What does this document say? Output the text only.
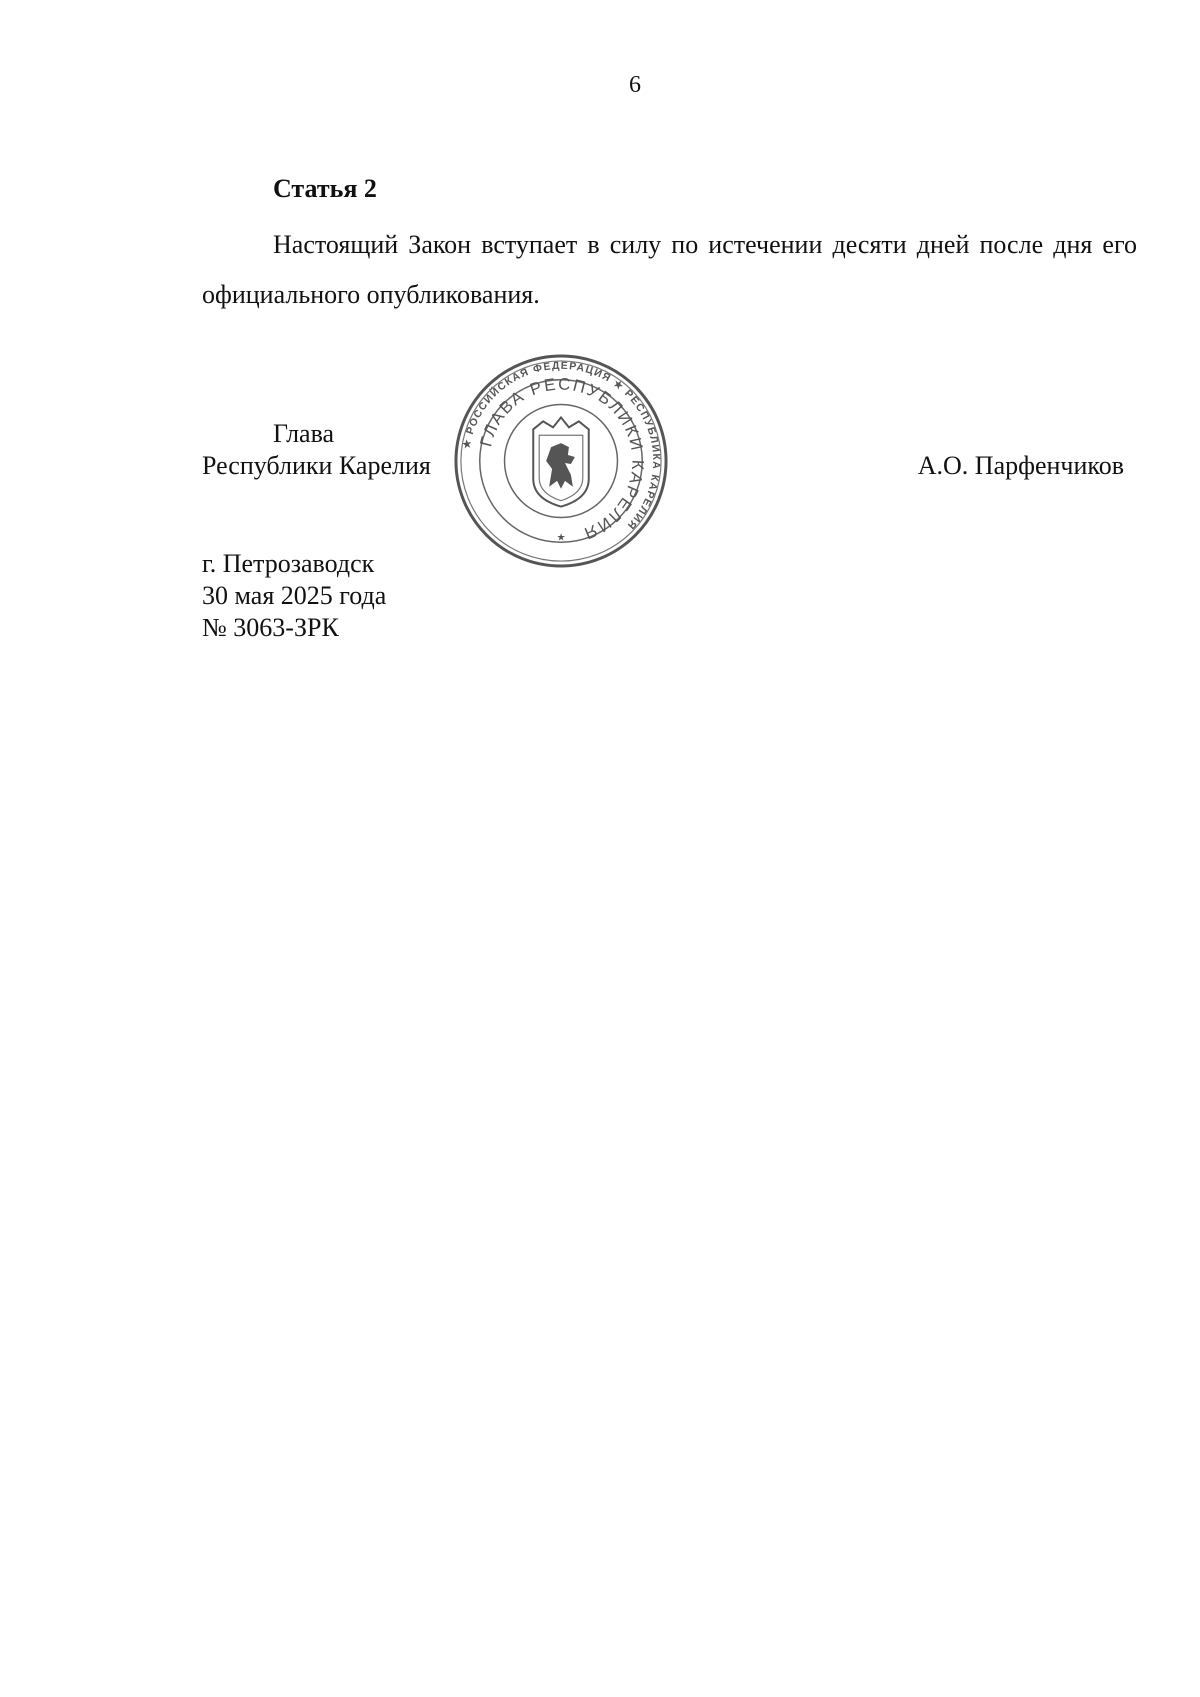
6
Статья 2

Настоящий Закон вступает в силу по истечении десяти дней после дня его официального опубликования.

Глава
Республики Карелия	А.О. Парфенчиков
★ РОССИЙСКАЯ ФЕДЕРАЦИЯ ★ РЕСПУБЛИКА КАРЕЛИЯ
ГЛАВА РЕСПУБЛИКИ КАРЕЛИЯ
★
г. Петрозаводск
30 мая 2025 года
№ 3063-ЗРК
